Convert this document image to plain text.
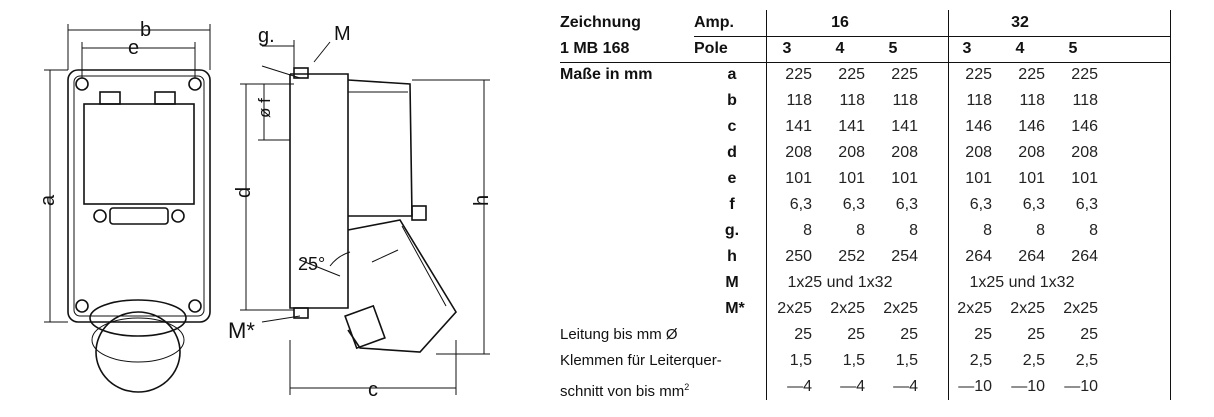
b
e
g.	M
a
ø f
d
h
25°
M*
c
Zeichnung	Amp.	16	32
1 MB 168	Pole	3	4	5	3	4	5
Maße in mm	a	225	225	225	225	225	225
b	118	118	118	118	118	118
c	141	141	141	146	146	146
d	208	208	208	208	208	208
e	101	101	101	101	101	101
f	6,3	6,3	6,3	6,3	6,3	6,3
g.	8	8	8	8	8	8
h	250	252	254	264	264	264
M	1x25 und 1x32	1x25 und 1x32
M*	2x25	2x25	2x25	2x25	2x25	2x25
Leitung bis mm Ø	25	25	25	25	25	25
Klemmen für Leiterquer-	1,5	1,5	1,5	2,5	2,5	2,5
schnitt von bis $mm^2$	—4	—4	—4	—10	—10	—10
